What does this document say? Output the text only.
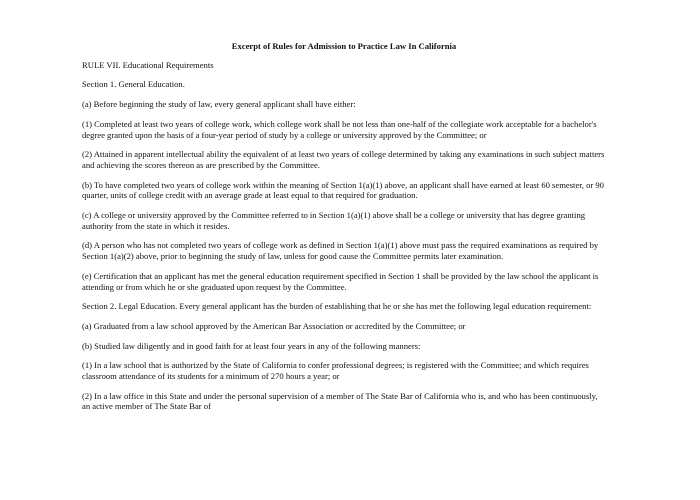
Excerpt of Rules for Admission to Practice Law In California

RULE VII. Educational Requirements

Section 1. General Education.

(a) Before beginning the study of law, every general applicant shall have either:

(1) Completed at least two years of college work, which college work shall be not less than one-half of the collegiate work acceptable for a bachelor's degree granted upon the basis of a four-year period of study by a college or university approved by the Committee; or

(2) Attained in apparent intellectual ability the equivalent of at least two years of college determined by taking any examinations in such subject matters and achieving the scores thereon as are prescribed by the Committee.

(b) To have completed two years of college work within the meaning of Section 1(a)(1) above, an applicant shall have earned at least 60 semester, or 90 quarter, units of college credit with an average grade at least equal to that required for graduation.

(c) A college or university approved by the Committee referred to in Section 1(a)(1) above shall be a college or university that has degree granting authority from the state in which it resides.

(d) A person who has not completed two years of college work as defined in Section 1(a)(1) above must pass the required examinations as required by Section 1(a)(2) above, prior to beginning the study of law, unless for good cause the Committee permits later examination.

(e) Certification that an applicant has met the general education requirement specified in Section 1 shall be provided by the law school the applicant is attending or from which he or she graduated upon request by the Committee.

Section 2. Legal Education. Every general applicant has the burden of establishing that he or she has met the following legal education requirement:

(a) Graduated from a law school approved by the American Bar Association or accredited by the Committee; or

(b) Studied law diligently and in good faith for at least four years in any of the following manners:

(1) In a law school that is authorized by the State of California to confer professional degrees; is registered with the Committee; and which requires classroom attendance of its students for a minimum of 270 hours a year; or

(2) In a law office in this State and under the personal supervision of a member of The State Bar of California who is, and who has been continuously, an active member of The State Bar of
